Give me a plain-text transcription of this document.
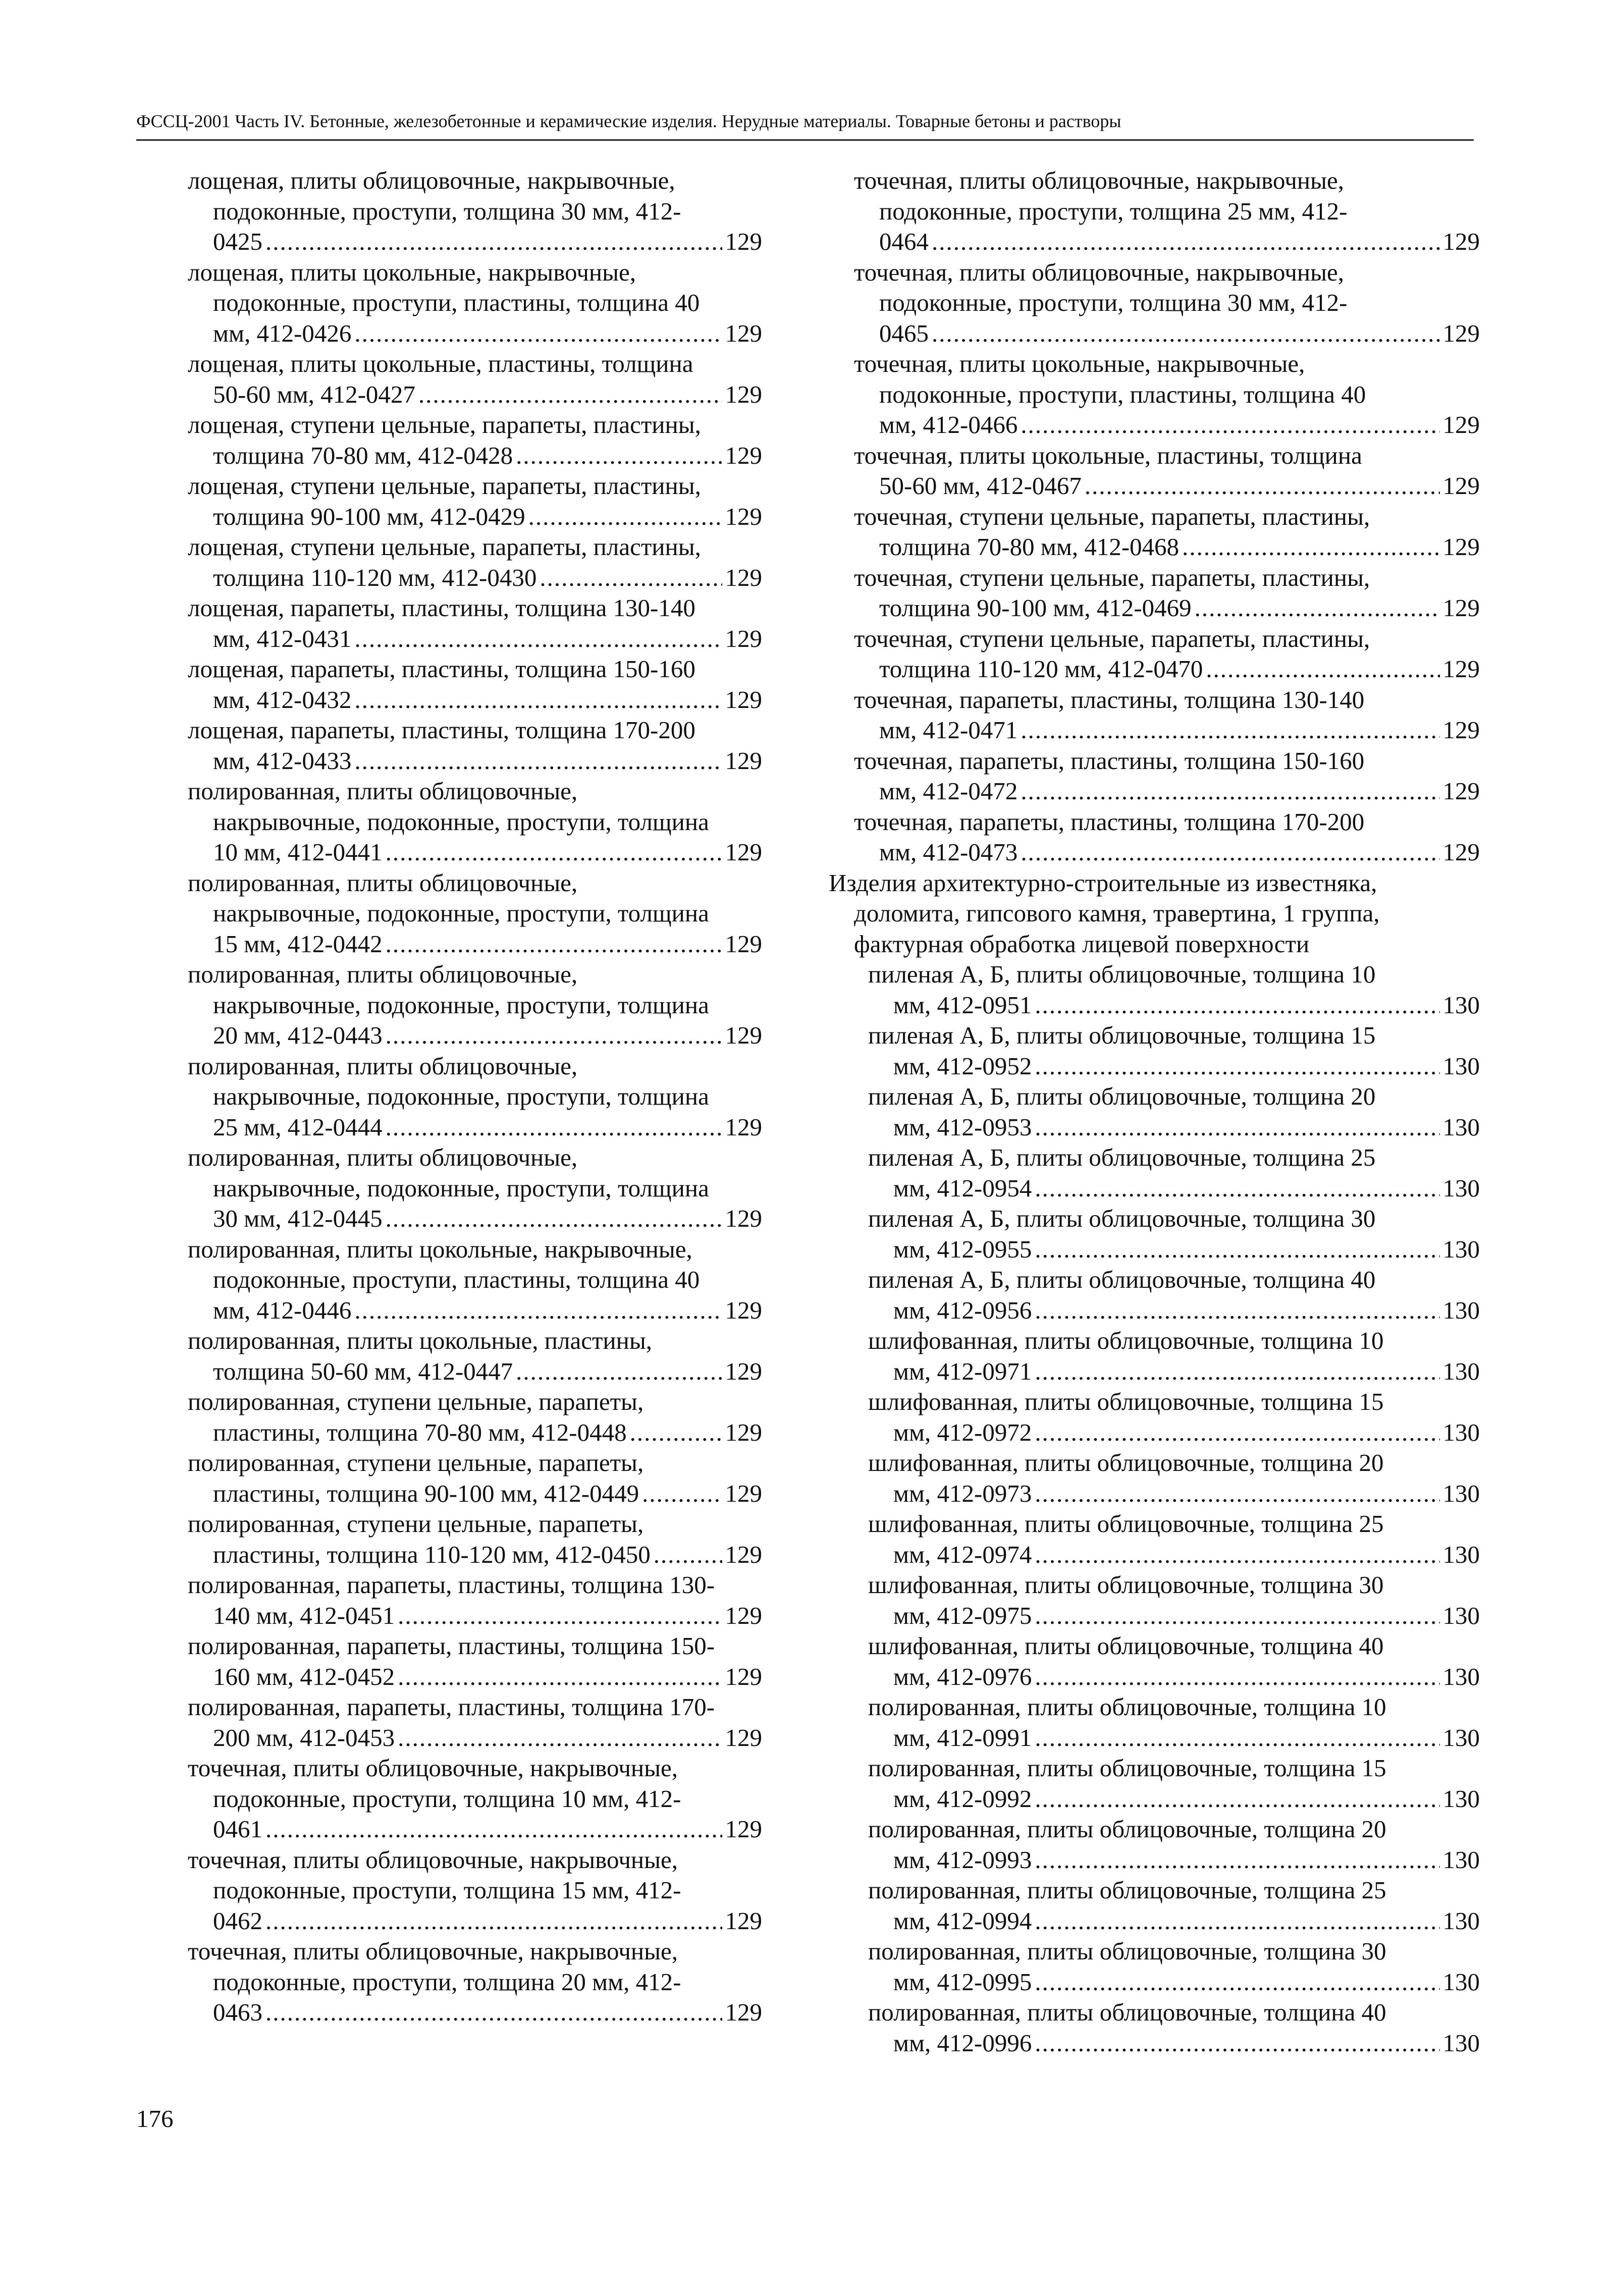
ФССЦ-2001 Часть IV. Бетонные, железобетонные и керамические изделия. Нерудные материалы. Товарные бетоны и растворы
лощеная, плиты облицовочные, накрывочные,
подоконные, проступи, толщина 30 мм, 412-
0425 .....	129
лощеная, плиты цокольные, накрывочные,
подоконные, проступи, пластины, толщина 40
мм, 412-0426 .....	129
лощеная, плиты цокольные, пластины, толщина
50-60 мм, 412-0427 .....	129
лощеная, ступени цельные, парапеты, пластины,
толщина 70-80 мм, 412-0428 .....	129
лощеная, ступени цельные, парапеты, пластины,
толщина 90-100 мм, 412-0429 .....	129
лощеная, ступени цельные, парапеты, пластины,
толщина 110-120 мм, 412-0430 .....	129
лощеная, парапеты, пластины, толщина 130-140
мм, 412-0431 .....	129
лощеная, парапеты, пластины, толщина 150-160
мм, 412-0432 .....	129
лощеная, парапеты, пластины, толщина 170-200
мм, 412-0433 .....	129
полированная, плиты облицовочные,
накрывочные, подоконные, проступи, толщина
10 мм, 412-0441 .....	129
полированная, плиты облицовочные,
накрывочные, подоконные, проступи, толщина
15 мм, 412-0442 .....	129
полированная, плиты облицовочные,
накрывочные, подоконные, проступи, толщина
20 мм, 412-0443 .....	129
полированная, плиты облицовочные,
накрывочные, подоконные, проступи, толщина
25 мм, 412-0444 .....	129
полированная, плиты облицовочные,
накрывочные, подоконные, проступи, толщина
30 мм, 412-0445 .....	129
полированная, плиты цокольные, накрывочные,
подоконные, проступи, пластины, толщина 40
мм, 412-0446 .....	129
полированная, плиты цокольные, пластины,
толщина 50-60 мм, 412-0447 .....	129
полированная, ступени цельные, парапеты,
пластины, толщина 70-80 мм, 412-0448 .....	129
полированная, ступени цельные, парапеты,
пластины, толщина 90-100 мм, 412-0449 .....	129
полированная, ступени цельные, парапеты,
пластины, толщина 110-120 мм, 412-0450 .....	129
полированная, парапеты, пластины, толщина 130-
140 мм, 412-0451 .....	129
полированная, парапеты, пластины, толщина 150-
160 мм, 412-0452 .....	129
полированная, парапеты, пластины, толщина 170-
200 мм, 412-0453 .....	129
точечная, плиты облицовочные, накрывочные,
подоконные, проступи, толщина 10 мм, 412-
0461 .....	129
точечная, плиты облицовочные, накрывочные,
подоконные, проступи, толщина 15 мм, 412-
0462 .....	129
точечная, плиты облицовочные, накрывочные,
подоконные, проступи, толщина 20 мм, 412-
0463 .....	129
точечная, плиты облицовочные, накрывочные,
подоконные, проступи, толщина 25 мм, 412-
0464 .....	129
точечная, плиты облицовочные, накрывочные,
подоконные, проступи, толщина 30 мм, 412-
0465 .....	129
точечная, плиты цокольные, накрывочные,
подоконные, проступи, пластины, толщина 40
мм, 412-0466 .....	129
точечная, плиты цокольные, пластины, толщина
50-60 мм, 412-0467 .....	129
точечная, ступени цельные, парапеты, пластины,
толщина 70-80 мм, 412-0468 .....	129
точечная, ступени цельные, парапеты, пластины,
толщина 90-100 мм, 412-0469 .....	129
точечная, ступени цельные, парапеты, пластины,
толщина 110-120 мм, 412-0470 .....	129
точечная, парапеты, пластины, толщина 130-140
мм, 412-0471 .....	129
точечная, парапеты, пластины, толщина 150-160
мм, 412-0472 .....	129
точечная, парапеты, пластины, толщина 170-200
мм, 412-0473 .....	129
Изделия архитектурно-строительные из известняка,
доломита, гипсового камня, травертина, 1 группа,
фактурная обработка лицевой поверхности
пиленая А, Б, плиты облицовочные, толщина 10
мм, 412-0951 .....	130
пиленая А, Б, плиты облицовочные, толщина 15
мм, 412-0952 .....	130
пиленая А, Б, плиты облицовочные, толщина 20
мм, 412-0953 .....	130
пиленая А, Б, плиты облицовочные, толщина 25
мм, 412-0954 .....	130
пиленая А, Б, плиты облицовочные, толщина 30
мм, 412-0955 .....	130
пиленая А, Б, плиты облицовочные, толщина 40
мм, 412-0956 .....	130
шлифованная, плиты облицовочные, толщина 10
мм, 412-0971 .....	130
шлифованная, плиты облицовочные, толщина 15
мм, 412-0972 .....	130
шлифованная, плиты облицовочные, толщина 20
мм, 412-0973 .....	130
шлифованная, плиты облицовочные, толщина 25
мм, 412-0974 .....	130
шлифованная, плиты облицовочные, толщина 30
мм, 412-0975 .....	130
шлифованная, плиты облицовочные, толщина 40
мм, 412-0976 .....	130
полированная, плиты облицовочные, толщина 10
мм, 412-0991 .....	130
полированная, плиты облицовочные, толщина 15
мм, 412-0992 .....	130
полированная, плиты облицовочные, толщина 20
мм, 412-0993 .....	130
полированная, плиты облицовочные, толщина 25
мм, 412-0994 .....	130
полированная, плиты облицовочные, толщина 30
мм, 412-0995 .....	130
полированная, плиты облицовочные, толщина 40
мм, 412-0996 .....	130
176
